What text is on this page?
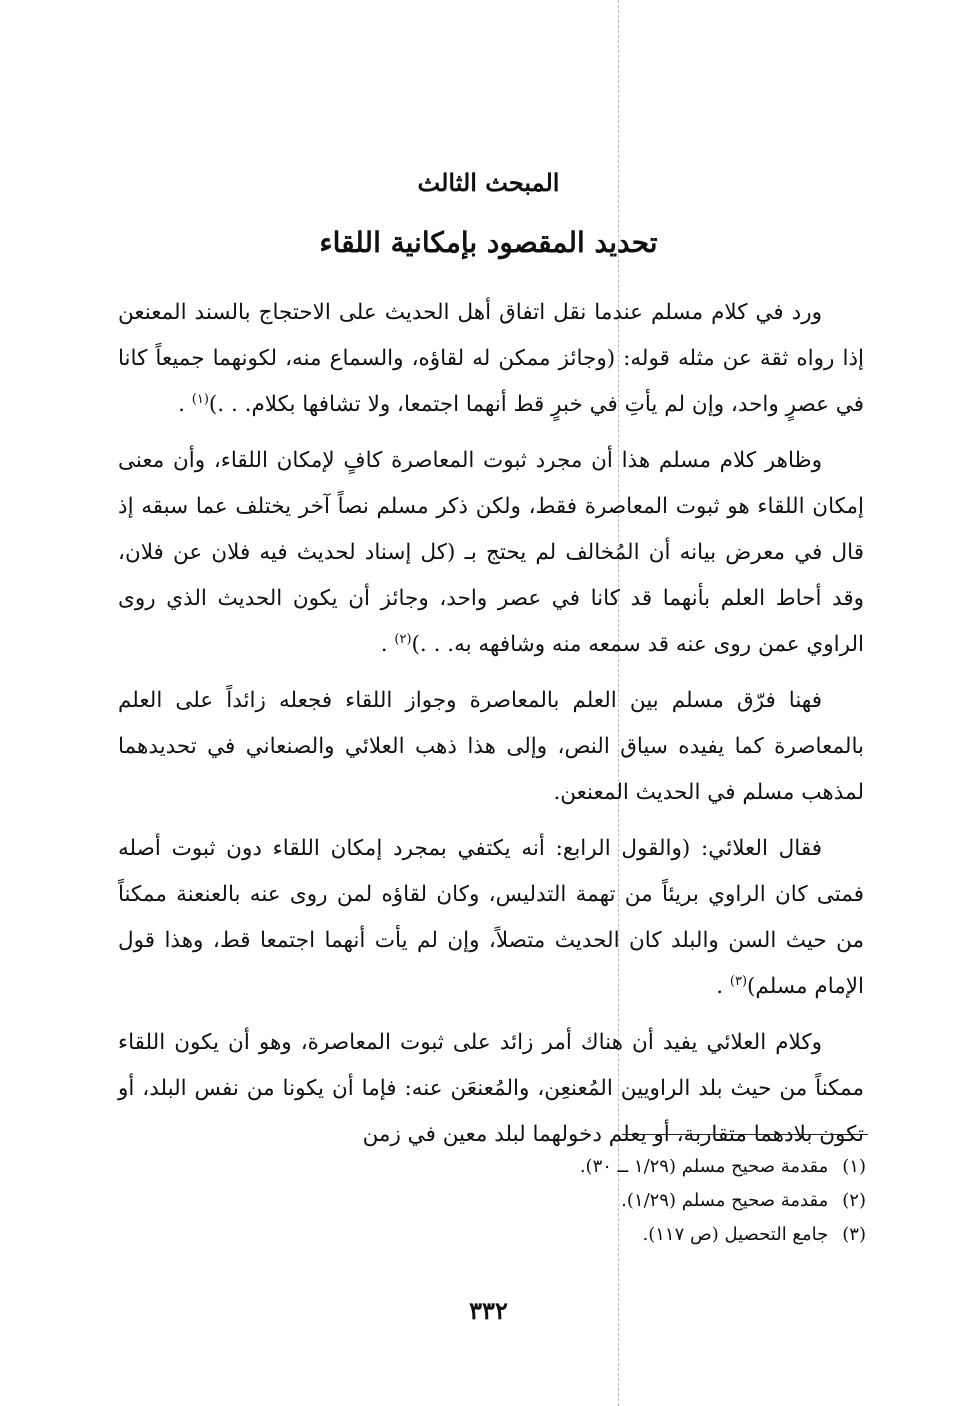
المبحث الثالث
تحديد المقصود بإمكانية اللقاء

ورد في كلام مسلم عندما نقل اتفاق أهل الحديث على الاحتجاج بالسند المعنعن إذا رواه ثقة عن مثله قوله: (وجائز ممكن له لقاؤه، والسماع منه، لكونهما جميعاً كانا في عصرٍ واحد، وإن لم يأتِ في خبرٍ قط أنهما اجتمعا، ولا تشافها بكلام. . .)$^{(١)}$ .

وظاهر كلام مسلم هذا أن مجرد ثبوت المعاصرة كافٍ لإمكان اللقاء، وأن معنى إمكان اللقاء هو ثبوت المعاصرة فقط، ولكن ذكر مسلم نصاً آخر يختلف عما سبقه إذ قال في معرض بيانه أن المُخالف لم يحتج بـ (كل إسناد لحديث فيه فلان عن فلان، وقد أحاط العلم بأنهما قد كانا في عصر واحد، وجائز أن يكون الحديث الذي روى الراوي عمن روى عنه قد سمعه منه وشافهه به. . .)$^{(٢)}$ .

فهنا فرّق مسلم بين العلم بالمعاصرة وجواز اللقاء فجعله زائداً على العلم بالمعاصرة كما يفيده سياق النص، وإلى هذا ذهب العلائي والصنعاني في تحديدهما لمذهب مسلم في الحديث المعنعن.

فقال العلائي: (والقول الرابع: أنه يكتفي بمجرد إمكان اللقاء دون ثبوت أصله فمتى كان الراوي بريئاً من تهمة التدليس، وكان لقاؤه لمن روى عنه بالعنعنة ممكناً من حيث السن والبلد كان الحديث متصلاً، وإن لم يأت أنهما اجتمعا قط، وهذا قول الإمام مسلم)$^{(٣)}$ .

وكلام العلائي يفيد أن هناك أمر زائد على ثبوت المعاصرة، وهو أن يكون اللقاء ممكناً من حيث بلد الراويين المُعنعِن، والمُعنعَن عنه: فإما أن يكونا من نفس البلد، أو تكون بلادهما متقاربة، أو يعلم دخولهما لبلد معين في زمن

(١)مقدمة صحيح مسلم (١/٢٩ ــ ٣٠).
(٢)مقدمة صحيح مسلم (١/٢٩).
(٣)جامع التحصيل (ص ١١٧).
٣٣٢
